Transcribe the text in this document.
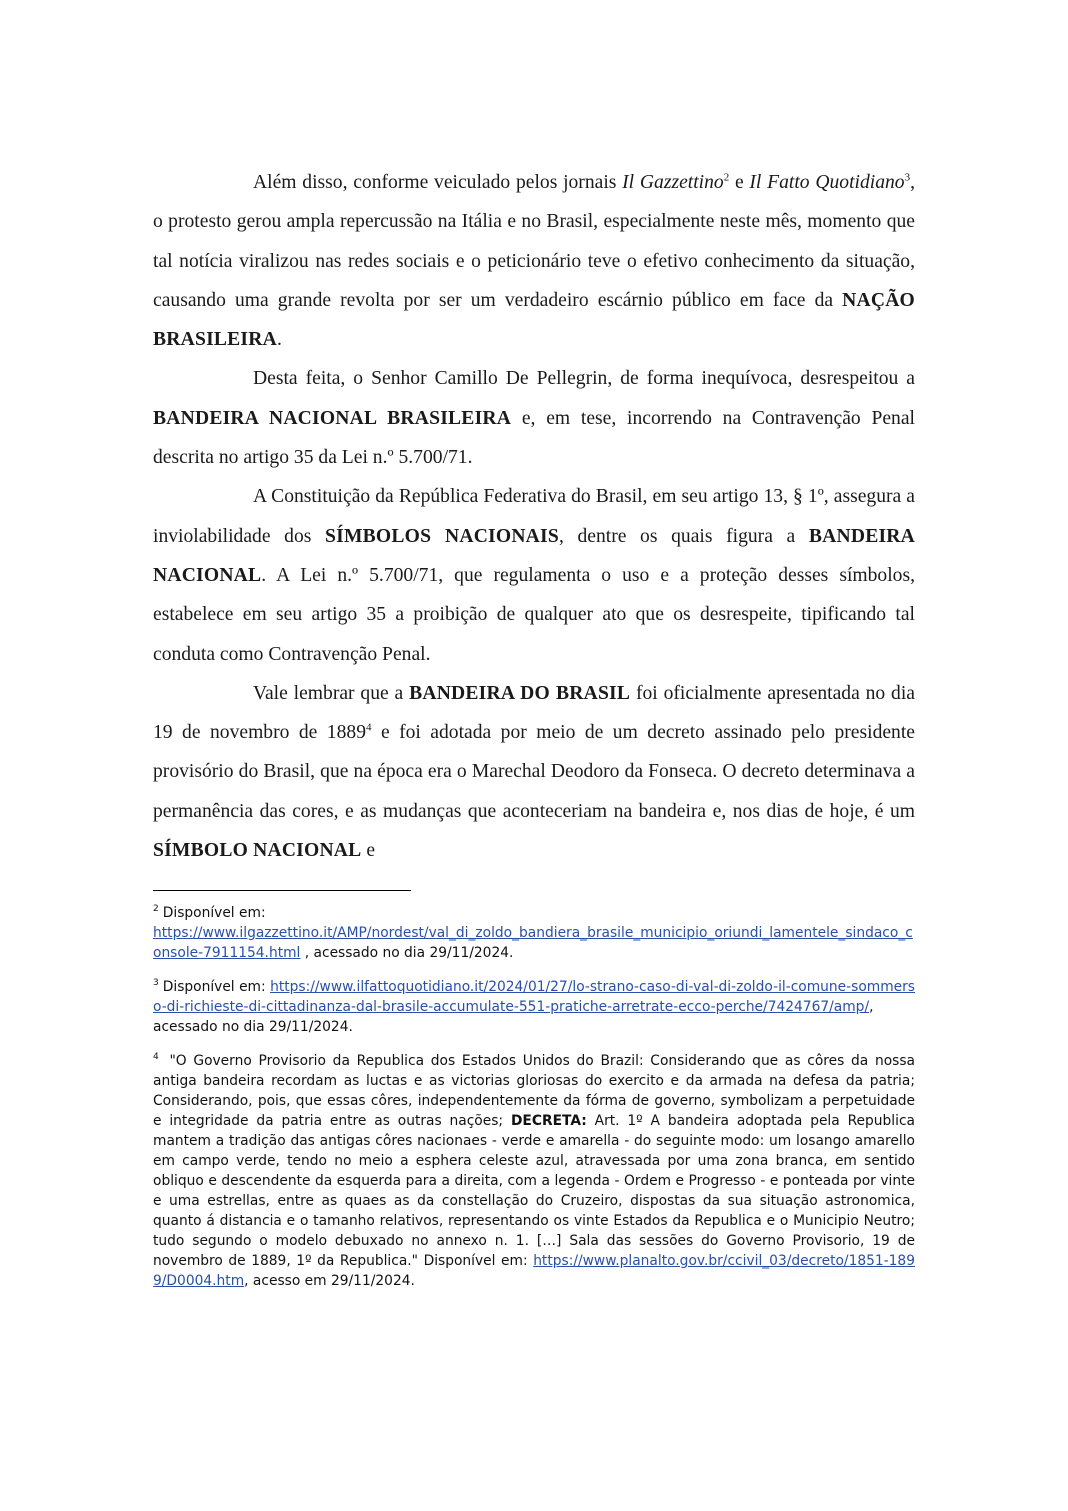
Além disso, conforme veiculado pelos jornais Il Gazzettino$^2$ e Il Fatto Quotidiano$^3$, o protesto gerou ampla repercussão na Itália e no Brasil, especialmente neste mês, momento que tal notícia viralizou nas redes sociais e o peticionário teve o efetivo conhecimento da situação, causando uma grande revolta por ser um verdadeiro escárnio público em face da NAÇÃO BRASILEIRA.

Desta feita, o Senhor Camillo De Pellegrin, de forma inequívoca, desrespeitou a BANDEIRA NACIONAL BRASILEIRA e, em tese, incorrendo na Contravenção Penal descrita no artigo 35 da Lei n.º 5.700/71.

A Constituição da República Federativa do Brasil, em seu artigo 13, § 1º, assegura a inviolabilidade dos SÍMBOLOS NACIONAIS, dentre os quais figura a BANDEIRA NACIONAL. A Lei n.º 5.700/71, que regulamenta o uso e a proteção desses símbolos, estabelece em seu artigo 35 a proibição de qualquer ato que os desrespeite, tipificando tal conduta como Contravenção Penal.

Vale lembrar que a BANDEIRA DO BRASIL foi oficialmente apresentada no dia 19 de novembro de 1889$^4$ e foi adotada por meio de um decreto assinado pelo presidente provisório do Brasil, que na época era o Marechal Deodoro da Fonseca. O decreto determinava a permanência das cores, e as mudanças que aconteceriam na bandeira e, nos dias de hoje, é um SÍMBOLO NACIONAL e

$^2$ Disponível em:
https://www.ilgazzettino.it/AMP/nordest/val_di_zoldo_bandiera_brasile_municipio_oriundi_lamentele_sindaco_console-7911154.html , acessado no dia 29/11/2024.
$^3$ Disponível em: https://www.ilfattoquotidiano.it/2024/01/27/lo-strano-caso-di-val-di-zoldo-il-comune-sommerso-di-richieste-di-cittadinanza-dal-brasile-accumulate-551-pratiche-arretrate-ecco-perche/7424767/amp/, acessado no dia 29/11/2024.
$^4$ "O Governo Provisorio da Republica dos Estados Unidos do Brazil: Considerando que as côres da nossa antiga bandeira recordam as luctas e as victorias gloriosas do exercito e da armada na defesa da patria; Considerando, pois, que essas côres, independentemente da fórma de governo, symbolizam a perpetuidade e integridade da patria entre as outras nações; DECRETA: Art. 1º A bandeira adoptada pela Republica mantem a tradição das antigas côres nacionaes - verde e amarella - do seguinte modo: um losango amarello em campo verde, tendo no meio a esphera celeste azul, atravessada por uma zona branca, em sentido obliquo e descendente da esquerda para a direita, com a legenda - Ordem e Progresso - e ponteada por vinte e uma estrellas, entre as quaes as da constellação do Cruzeiro, dispostas da sua situação astronomica, quanto á distancia e o tamanho relativos, representando os vinte Estados da Republica e o Municipio Neutro; tudo segundo o modelo debuxado no annexo n. 1. […] Sala das sessões do Governo Provisorio, 19 de novembro de 1889, 1º da Republica." Disponível em: https://www.planalto.gov.br/ccivil_03/decreto/1851-1899/D0004.htm, acesso em 29/11/2024.
